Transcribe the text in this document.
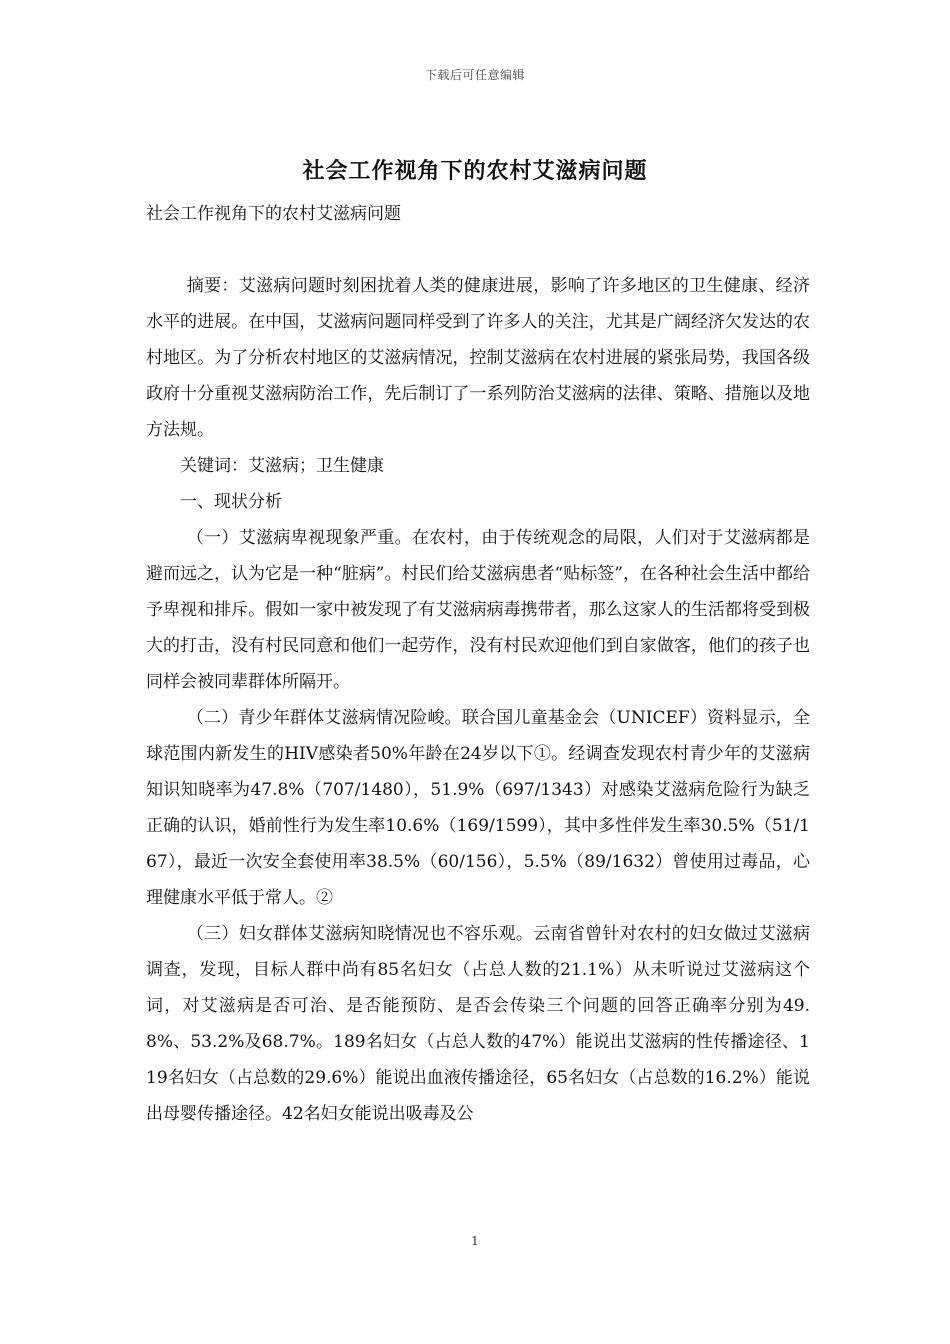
下载后可任意编辑
社会工作视角下的农村艾滋病问题

社会工作视角下的农村艾滋病问题

摘要：艾滋病问题时刻困扰着人类的健康进展，影响了许多地区的卫生健康、经济水平的进展。在中国，艾滋病问题同样受到了许多人的关注，尤其是广阔经济欠发达的农村地区。为了分析农村地区的艾滋病情况，控制艾滋病在农村进展的紧张局势，我国各级政府十分重视艾滋病防治工作，先后制订了一系列防治艾滋病的法律、策略、措施以及地方法规。

关键词：艾滋病；卫生健康

一、现状分析

（一）艾滋病卑视现象严重。在农村，由于传统观念的局限，人们对于艾滋病都是避而远之，认为它是一种“脏病”。村民们给艾滋病患者“贴标签”，在各种社会生活中都给予卑视和排斥。假如一家中被发现了有艾滋病病毒携带者，那么这家人的生活都将受到极大的打击，没有村民同意和他们一起劳作，没有村民欢迎他们到自家做客，他们的孩子也同样会被同辈群体所隔开。

（二）青少年群体艾滋病情况险峻。联合国儿童基金会（UNICEF）资料显示，全球范围内新发生的HIV感染者50%年龄在24岁以下①。经调查发现农村青少年的艾滋病知识知晓率为47.8%（707/1480），51.9%（697/1343）对感染艾滋病危险行为缺乏正确的认识，婚前性行为发生率10.6%（169/1599），其中多性伴发生率30.5%（51/167），最近一次安全套使用率38.5%（60/156），5.5%（89/1632）曾使用过毒品，心理健康水平低于常人。②

（三）妇女群体艾滋病知晓情况也不容乐观。云南省曾针对农村的妇女做过艾滋病调查，发现，目标人群中尚有85名妇女（占总人数的21.1%）从未听说过艾滋病这个词，对艾滋病是否可治、是否能预防、是否会传染三个问题的回答正确率分别为49.8%、53.2%及68.7%。189名妇女（占总人数的47%）能说出艾滋病的性传播途径、119名妇女（占总数的29.6%）能说出血液传播途径，65名妇女（占总数的16.2%）能说出母婴传播途径。42名妇女能说出吸毒及公

1
